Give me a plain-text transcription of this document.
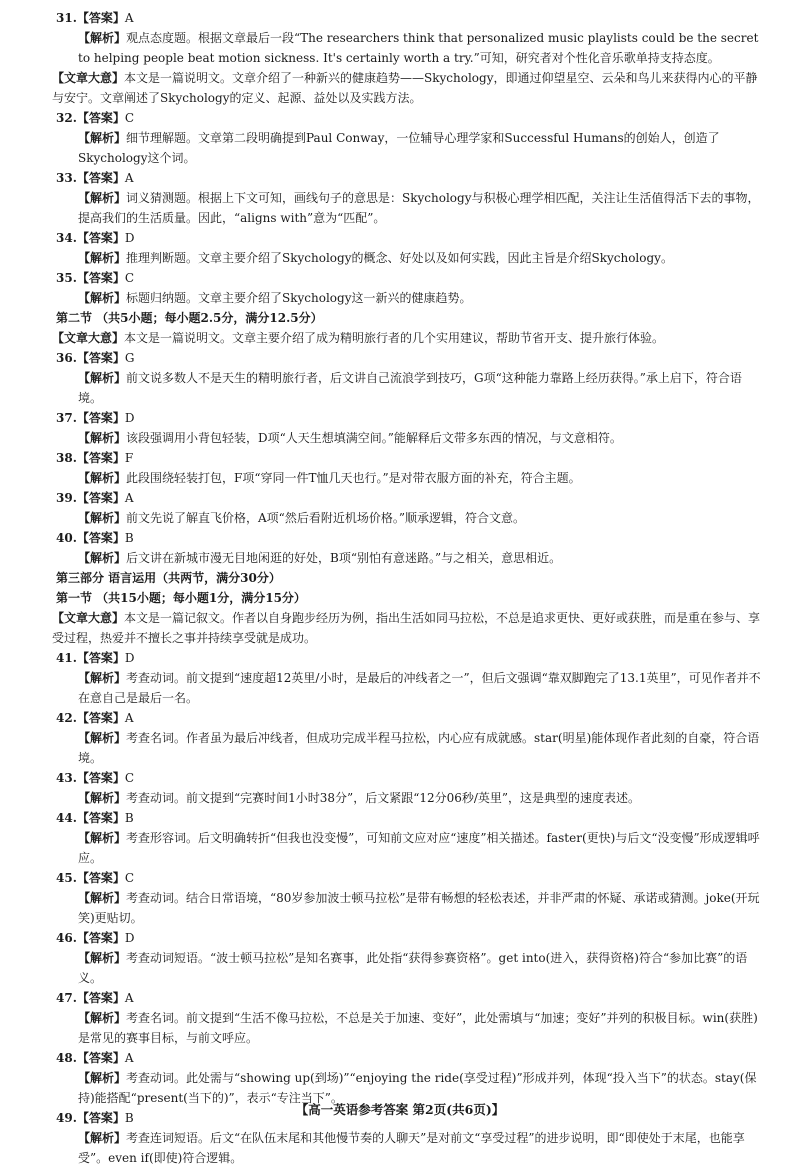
31.【答案】A

【解析】观点态度题。根据文章最后一段“The researchers think that personalized music playlists could be the secret to helping people beat motion sickness. It's certainly worth a try.”可知，研究者对个性化音乐歌单持支持态度。

【文章大意】本文是一篇说明文。文章介绍了一种新兴的健康趋势——Skychology，即通过仰望星空、云朵和鸟儿来获得内心的平静与安宁。文章阐述了Skychology的定义、起源、益处以及实践方法。

32.【答案】C

【解析】细节理解题。文章第二段明确提到Paul Conway，一位辅导心理学家和Successful Humans的创始人，创造了Skychology这个词。

33.【答案】A

【解析】词义猜测题。根据上下文可知，画线句子的意思是：Skychology与积极心理学相匹配，关注让生活值得活下去的事物，提高我们的生活质量。因此，“aligns with”意为“匹配”。

34.【答案】D

【解析】推理判断题。文章主要介绍了Skychology的概念、好处以及如何实践，因此主旨是介绍Skychology。

35.【答案】C

【解析】标题归纳题。文章主要介绍了Skychology这一新兴的健康趋势。

第二节 （共5小题；每小题2.5分，满分12.5分）

【文章大意】本文是一篇说明文。文章主要介绍了成为精明旅行者的几个实用建议，帮助节省开支、提升旅行体验。

36.【答案】G

【解析】前文说多数人不是天生的精明旅行者，后文讲自己流浪学到技巧，G项“这种能力靠路上经历获得。”承上启下，符合语境。

37.【答案】D

【解析】该段强调用小背包轻装，D项“人天生想填满空间。”能解释后文带多东西的情况，与文意相符。

38.【答案】F

【解析】此段围绕轻装打包，F项“穿同一件T恤几天也行。”是对带衣服方面的补充，符合主题。

39.【答案】A

【解析】前文先说了解直飞价格，A项“然后看附近机场价格。”顺承逻辑，符合文意。

40.【答案】B

【解析】后文讲在新城市漫无目地闲逛的好处，B项“别怕有意迷路。”与之相关，意思相近。

第三部分 语言运用（共两节，满分30分）

第一节 （共15小题；每小题1分，满分15分）

【文章大意】本文是一篇记叙文。作者以自身跑步经历为例，指出生活如同马拉松，不总是追求更快、更好或获胜，而是重在参与、享受过程，热爱并不擅长之事并持续享受就是成功。

41.【答案】D

【解析】考查动词。前文提到“速度超12英里/小时，是最后的冲线者之一”，但后文强调“靠双脚跑完了13.1英里”，可见作者并不在意自己是最后一名。

42.【答案】A

【解析】考查名词。作者虽为最后冲线者，但成功完成半程马拉松，内心应有成就感。star(明星)能体现作者此刻的自豪，符合语境。

43.【答案】C

【解析】考查动词。前文提到“完赛时间1小时38分”，后文紧跟“12分06秒/英里”，这是典型的速度表述。

44.【答案】B

【解析】考查形容词。后文明确转折“但我也没变慢”，可知前文应对应“速度”相关描述。faster(更快)与后文“没变慢”形成逻辑呼应。

45.【答案】C

【解析】考查动词。结合日常语境，“80岁参加波士顿马拉松”是带有畅想的轻松表述，并非严肃的怀疑、承诺或猜测。joke(开玩笑)更贴切。

46.【答案】D

【解析】考查动词短语。“波士顿马拉松”是知名赛事，此处指“获得参赛资格”。get into(进入，获得资格)符合“参加比赛”的语义。

47.【答案】A

【解析】考查名词。前文提到“生活不像马拉松，不总是关于加速、变好”，此处需填与“加速；变好”并列的积极目标。win(获胜)是常见的赛事目标，与前文呼应。

48.【答案】A

【解析】考查动词。此处需与“showing up(到场)”“enjoying the ride(享受过程)”形成并列，体现“投入当下”的状态。stay(保持)能搭配“present(当下的)”，表示“专注当下”。

49.【答案】B

【解析】考查连词短语。后文“在队伍末尾和其他慢节奏的人聊天”是对前文“享受过程”的进步说明，即“即使处于末尾，也能享受”。even if(即使)符合逻辑。

【高一英语参考答案 第2页(共6页)】
